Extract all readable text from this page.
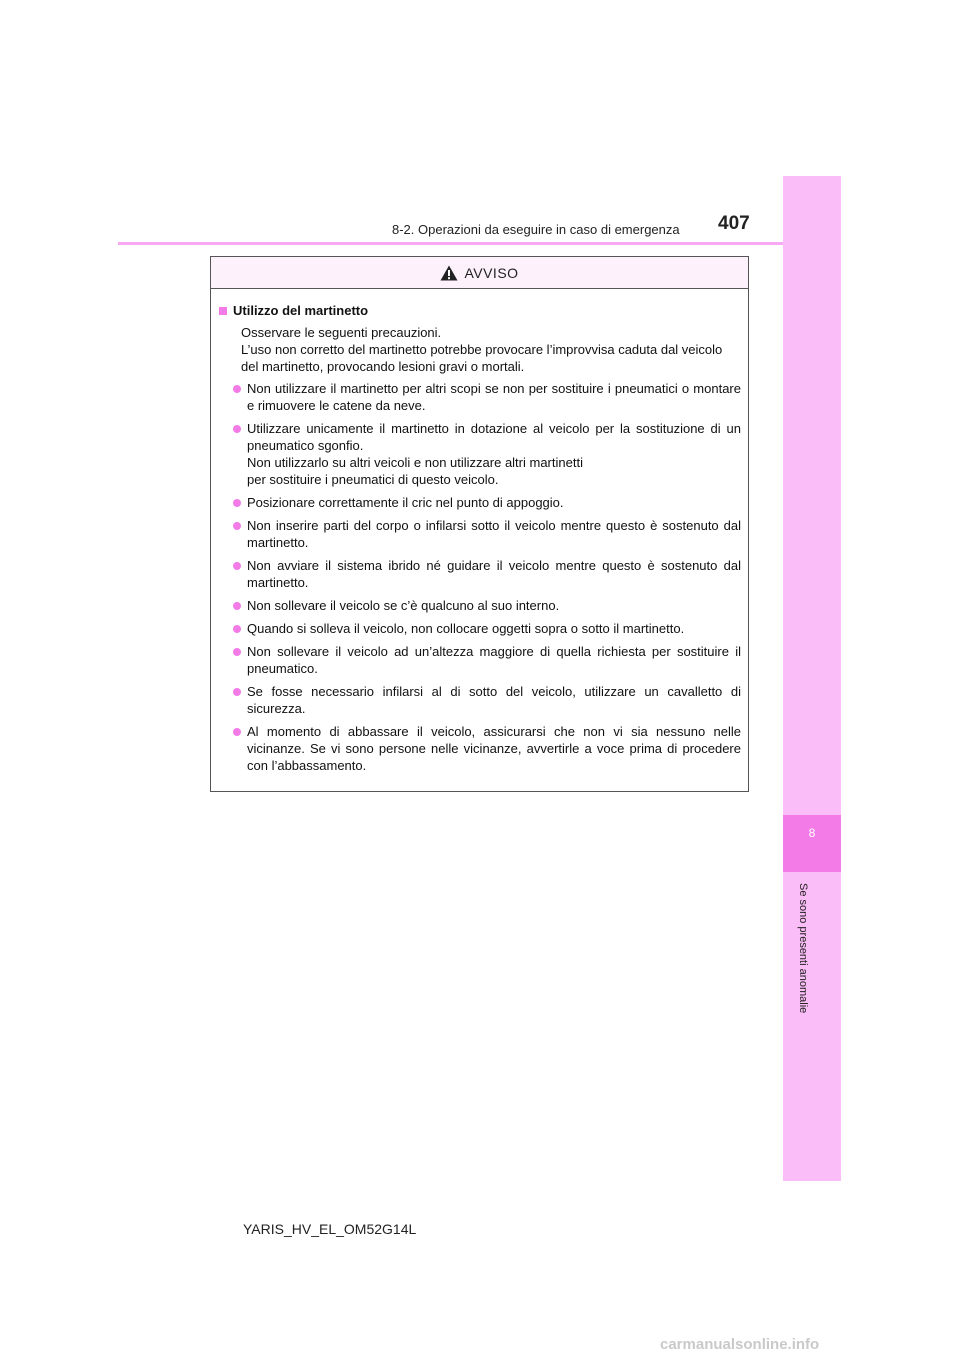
8-2. Operazioni da eseguire in caso di emergenza 407
8
Se sono presenti anomalie
AVVISO
Utilizzo del martinetto

Osservare le seguenti precauzioni.

L’uso non corretto del martinetto potrebbe provocare l’improvvisa caduta dal veicolo del martinetto, provocando lesioni gravi o mortali.

Non utilizzare il martinetto per altri scopi se non per sostituire i pneumatici o montare e rimuovere le catene da neve.
Utilizzare unicamente il martinetto in dotazione al veicolo per la sostituzione di un pneumatico sgonfio.
Non utilizzarlo su altri veicoli e non utilizzare altri martinetti
per sostituire i pneumatici di questo veicolo.
Posizionare correttamente il cric nel punto di appoggio.
Non inserire parti del corpo o infilarsi sotto il veicolo mentre questo è sostenuto dal martinetto.
Non avviare il sistema ibrido né guidare il veicolo mentre questo è sostenuto dal martinetto.
Non sollevare il veicolo se c’è qualcuno al suo interno.
Quando si solleva il veicolo, non collocare oggetti sopra o sotto il martinetto.
Non sollevare il veicolo ad un’altezza maggiore di quella richiesta per sostituire il pneumatico.
Se fosse necessario infilarsi al di sotto del veicolo, utilizzare un cavalletto di sicurezza.
Al momento di abbassare il veicolo, assicurarsi che non vi sia nessuno nelle vicinanze. Se vi sono persone nelle vicinanze, avvertirle a voce prima di procedere con l’abbassamento.
YARIS_HV_EL_OM52G14L
carmanualsonline.info
